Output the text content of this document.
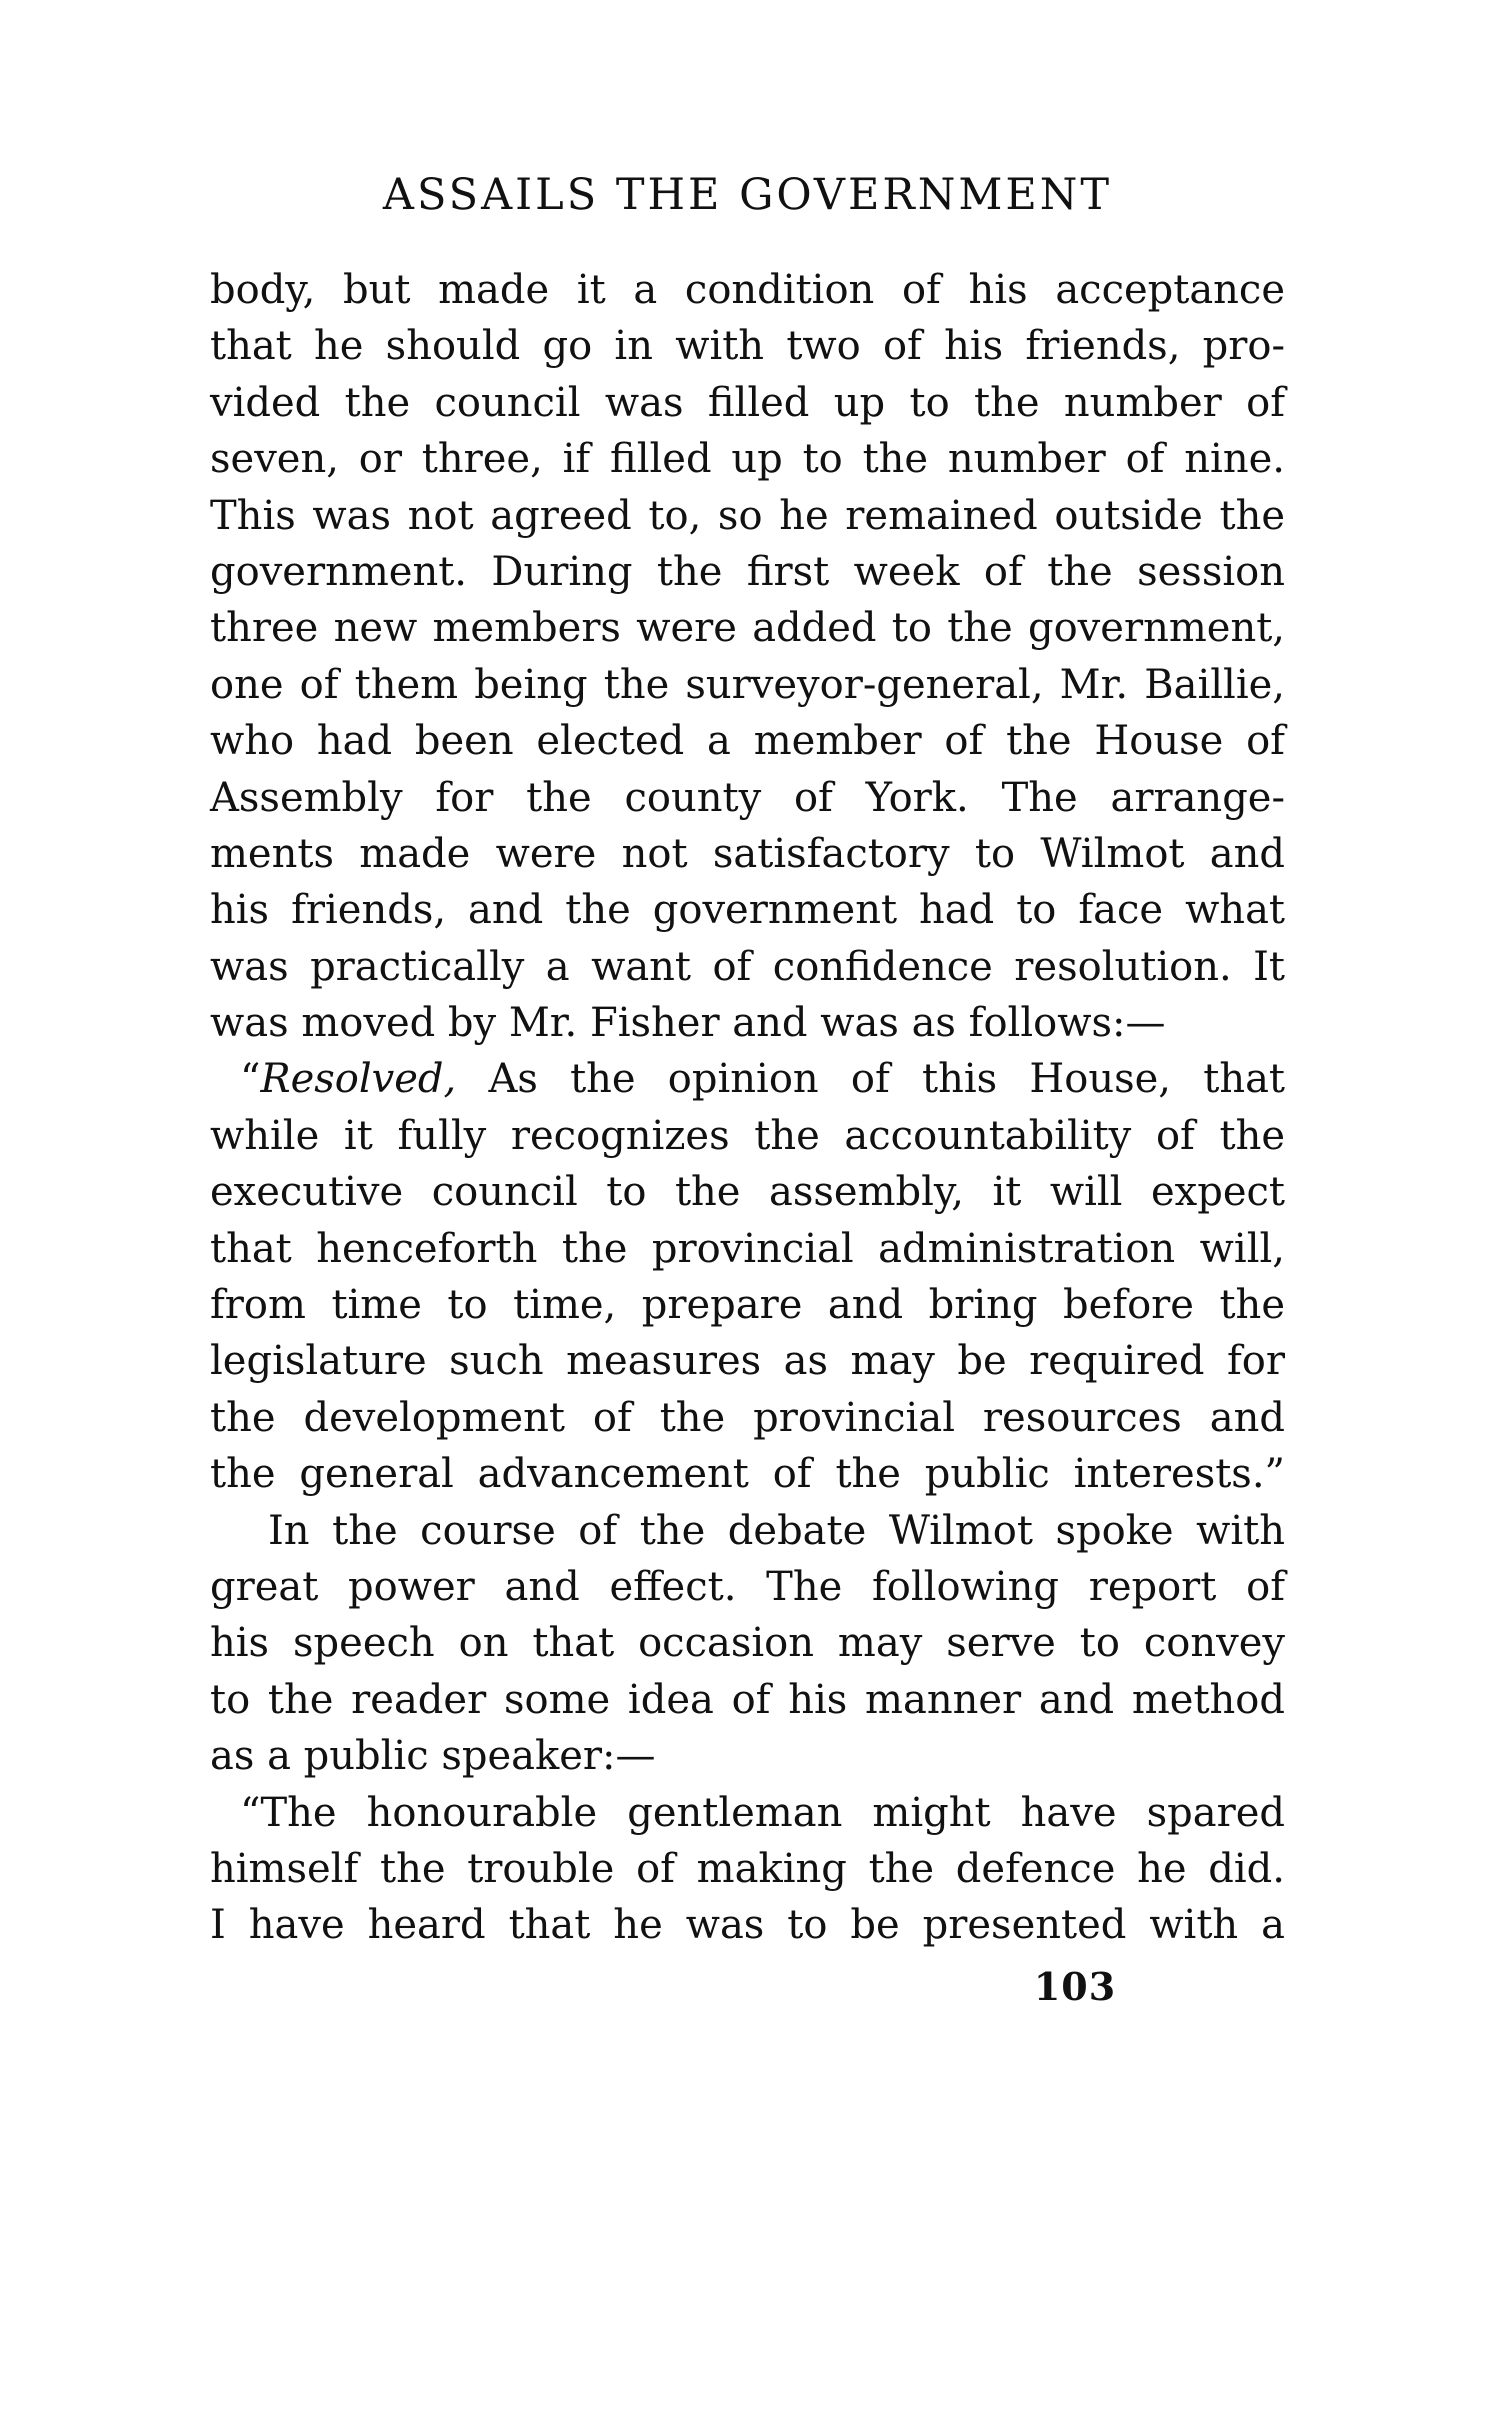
ASSAILS THE GOVERNMENT
body, but made it a condition of his acceptance
that he should go in with two of his friends, pro-
vided the council was filled up to the number of
seven, or three, if filled up to the number of nine.
This was not agreed to, so he remained outside the
government. During the first week of the session
three new members were added to the government,
one of them being the surveyor-general, Mr. Baillie,
who had been elected a member of the House of
Assembly for the county of York. The arrange-
ments made were not satisfactory to Wilmot and
his friends, and the government had to face what
was practically a want of confidence resolution. It
was moved by Mr. Fisher and was as follows:—
“Resolved, As the opinion of this House, that
while it fully recognizes the accountability of the
executive council to the assembly, it will expect
that henceforth the provincial administration will,
from time to time, prepare and bring before the
legislature such measures as may be required for
the development of the provincial resources and
the general advancement of the public interests.”
In the course of the debate Wilmot spoke with
great power and effect. The following report of
his speech on that occasion may serve to convey
to the reader some idea of his manner and method
as a public speaker:—
“The honourable gentleman might have spared
himself the trouble of making the defence he did.
I have heard that he was to be presented with a
103
